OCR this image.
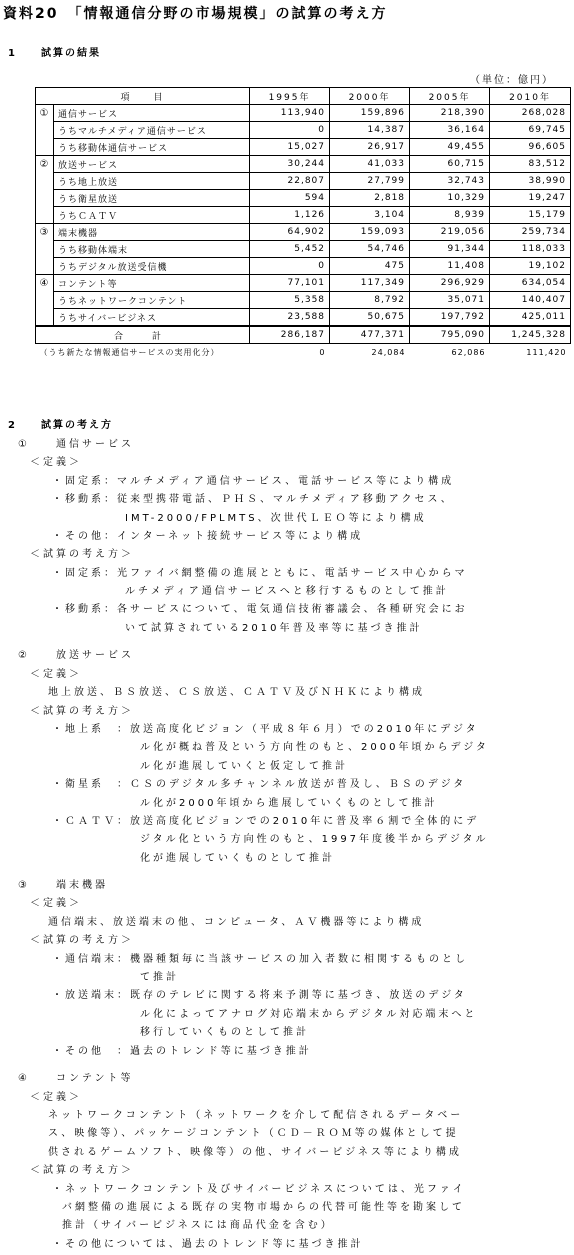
資料20　「情報通信分野の市場規模」の試算の考え方
1　　試算の結果
（単位：億円）
項　　目		1995年	2000年	2005年	2010年
①	通信サービス	113,940	159,896	218,390	268,028
	うちマルチメディア通信サービス	0	14,387	36,164	69,745
	うち移動体通信サービス	15,027	26,917	49,455	96,605
②	放送サービス	30,244	41,033	60,715	83,512
	うち地上放送	22,807	27,799	32,743	38,990
	うち衛星放送	594	2,818	10,329	19,247
	うちＣＡＴＶ	1,126	3,104	8,939	15,179
③	端末機器	64,902	159,093	219,056	259,734
	うち移動体端末	5,452	54,746	91,344	118,033
	うちデジタル放送受信機	0	475	11,408	19,102
④	コンテント等	77,101	117,349	296,929	634,054
	うちネットワークコンテント	5,358	8,792	35,071	140,407
	うちサイバービジネス	23,588	50,675	197,792	425,011
合　計		286,187	477,371	795,090	1,245,328
（うち新たな情報通信サービスの実用化分）		0	24,084	62,086	111,420
2　　試算の考え方
①　　通信サービス
＜定義＞
・固定系：マルチメディア通信サービス、電話サービス等により構成
・移動系：従来型携帯電話、ＰＨＳ、マルチメディア移動アクセス、
IMT-2000/FPLMTS、次世代ＬＥＯ等により構成
・その他：インターネット接続サービス等により構成
＜試算の考え方＞
・固定系：光ファイバ網整備の進展とともに、電話サービス中心からマ
ルチメディア通信サービスへと移行するものとして推計
・移動系：各サービスについて、電気通信技術審議会、各種研究会にお
いて試算されている2010年普及率等に基づき推計
②　　放送サービス
＜定義＞
地上放送、ＢＳ放送、ＣＳ放送、ＣＡＴＶ及びＮＨＫにより構成
＜試算の考え方＞
・地上系　：放送高度化ビジョン（平成８年６月）での2010年にデジタ
ル化が概ね普及という方向性のもと、2000年頃からデジタ
ル化が進展していくと仮定して推計
・衛星系　：ＣＳのデジタル多チャンネル放送が普及し、ＢＳのデジタ
ル化が2000年頃から進展していくものとして推計
・ＣＡＴＶ：放送高度化ビジョンでの2010年に普及率６割で全体的にデ
ジタル化という方向性のもと、1997年度後半からデジタル
化が進展していくものとして推計
③　　端末機器
＜定義＞
通信端末、放送端末の他、コンピュータ、ＡＶ機器等により構成
＜試算の考え方＞
・通信端末：機器種類毎に当該サービスの加入者数に相関するものとし
て推計
・放送端末：既存のテレビに関する将来予測等に基づき、放送のデジタ
ル化によってアナログ対応端末からデジタル対応端末へと
移行していくものとして推計
・その他　：過去のトレンド等に基づき推計
④　　コンテント等
＜定義＞
ネットワークコンテント（ネットワークを介して配信されるデータベー
ス、映像等）、パッケージコンテント（ＣＤ－ＲＯＭ等の媒体として提
供されるゲームソフト、映像等）の他、サイバービジネス等により構成
＜試算の考え方＞
・ネットワークコンテント及びサイバービジネスについては、光ファイ
バ網整備の進展による既存の実物市場からの代替可能性等を勘案して
推計（サイバービジネスには商品代金を含む）
・その他については、過去のトレンド等に基づき推計
